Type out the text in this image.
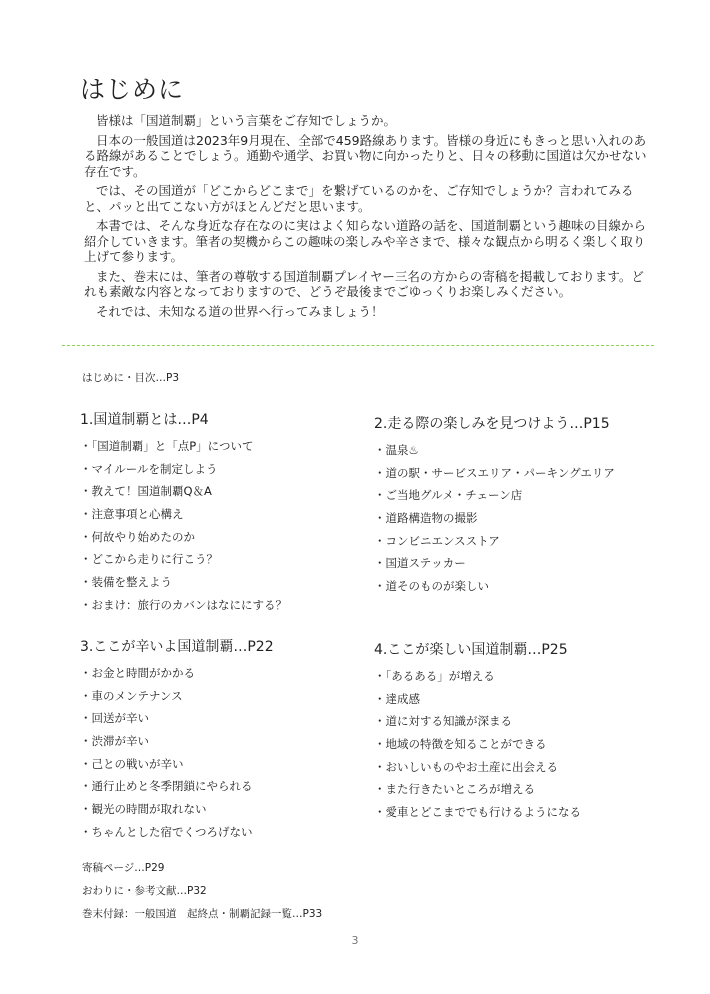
はじめに

皆様は「国道制覇」という言葉をご存知でしょうか。

日本の一般国道は2023年9月現在、全部で459路線あります。皆様の身近にもきっと思い入れのある路線があることでしょう。通勤や通学、お買い物に向かったりと、日々の移動に国道は欠かせない存在です。

では、その国道が「どこからどこまで」を繋げているのかを、ご存知でしょうか？言われてみると、パッと出てこない方がほとんどだと思います。

本書では、そんな身近な存在なのに実はよく知らない道路の話を、国道制覇という趣味の目線から紹介していきます。筆者の契機からこの趣味の楽しみや辛さまで、様々な観点から明るく楽しく取り上げて参ります。

また、巻末には、筆者の尊敬する国道制覇プレイヤー三名の方からの寄稿を掲載しております。どれも素敵な内容となっておりますので、どうぞ最後までごゆっくりお楽しみください。

それでは、未知なる道の世界へ行ってみましょう！

はじめに・目次…P3
1.国道制覇とは…P4
・「国道制覇」と「点P」について
・マイルールを制定しよう
・教えて！国道制覇Q＆A
・注意事項と心構え
・何故やり始めたのか
・どこから走りに行こう？
・装備を整えよう
・おまけ：旅行のカバンはなににする？
2.走る際の楽しみを見つけよう…P15
・温泉♨
・道の駅・サービスエリア・パーキングエリア
・ご当地グルメ・チェーン店
・道路構造物の撮影
・コンビニエンスストア
・国道ステッカー
・道そのものが楽しい
3.ここが辛いよ国道制覇…P22
・お金と時間がかかる
・車のメンテナンス
・回送が辛い
・渋滞が辛い
・己との戦いが辛い
・通行止めと冬季閉鎖にやられる
・観光の時間が取れない
・ちゃんとした宿でくつろげない
4.ここが楽しい国道制覇…P25
・「あるある」が増える
・達成感
・道に対する知識が深まる
・地域の特徴を知ることができる
・おいしいものやお土産に出会える
・また行きたいところが増える
・愛車とどこまででも行けるようになる
寄稿ページ…P29
おわりに・参考文献…P32
巻末付録：一般国道　起終点・制覇記録一覧…P33
3
